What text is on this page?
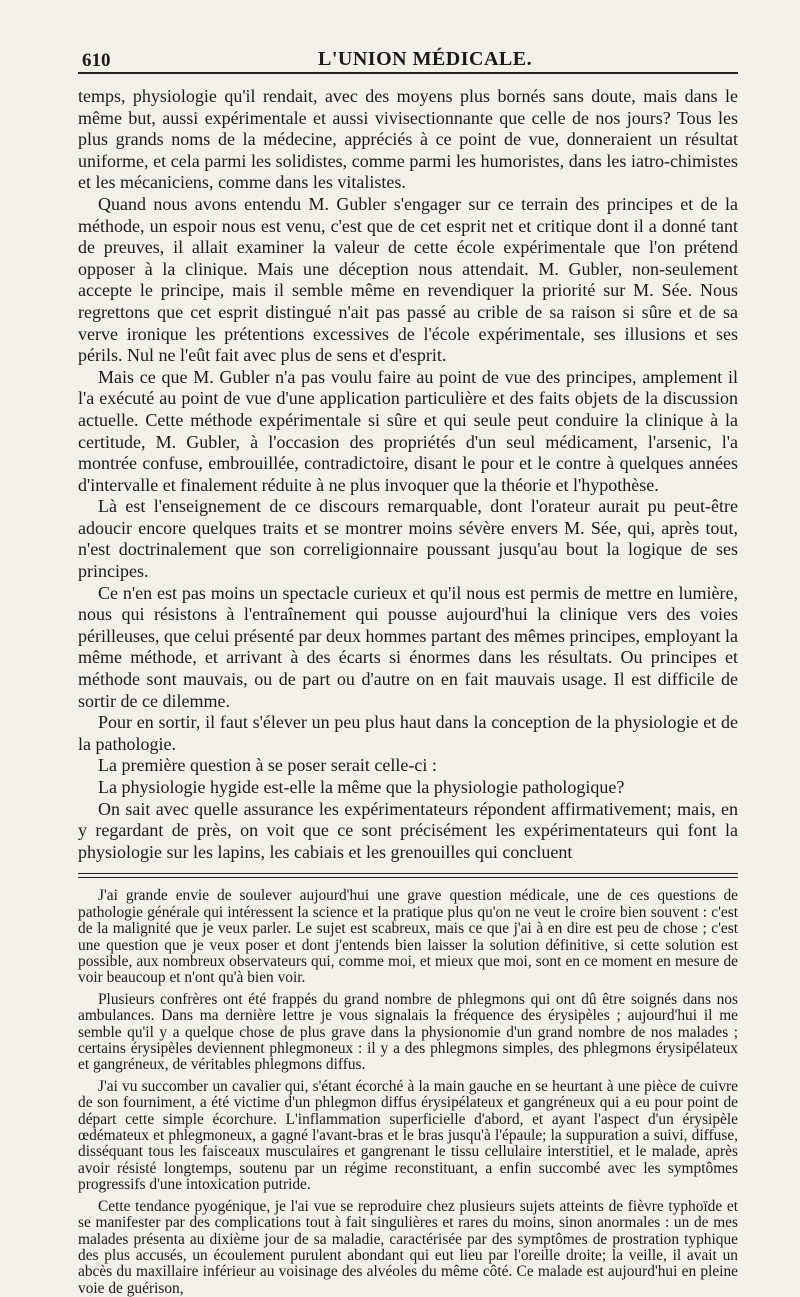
610	L'UNION MÉDICALE.

temps, physiologie qu'il rendait, avec des moyens plus bornés sans doute, mais dans le même but, aussi expérimentale et aussi vivisectionnante que celle de nos jours? Tous les plus grands noms de la médecine, appréciés à ce point de vue, donneraient un résultat uniforme, et cela parmi les solidistes, comme parmi les humoristes, dans les iatro-chimistes et les mécaniciens, comme dans les vitalistes.

Quand nous avons entendu M. Gubler s'engager sur ce terrain des principes et de la méthode, un espoir nous est venu, c'est que de cet esprit net et critique dont il a donné tant de preuves, il allait examiner la valeur de cette école expérimentale que l'on prétend opposer à la clinique. Mais une déception nous attendait. M. Gubler, non-seulement accepte le principe, mais il semble même en revendiquer la priorité sur M. Sée. Nous regrettons que cet esprit distingué n'ait pas passé au crible de sa raison si sûre et de sa verve ironique les prétentions excessives de l'école expérimentale, ses illusions et ses périls. Nul ne l'eût fait avec plus de sens et d'esprit.

Mais ce que M. Gubler n'a pas voulu faire au point de vue des principes, amplement il l'a exécuté au point de vue d'une application particulière et des faits objets de la discussion actuelle. Cette méthode expérimentale si sûre et qui seule peut conduire la clinique à la certitude, M. Gubler, à l'occasion des propriétés d'un seul médicament, l'arsenic, l'a montrée confuse, embrouillée, contradictoire, disant le pour et le contre à quelques années d'intervalle et finalement réduite à ne plus invoquer que la théorie et l'hypothèse.

Là est l'enseignement de ce discours remarquable, dont l'orateur aurait pu peut-être adoucir encore quelques traits et se montrer moins sévère envers M. Sée, qui, après tout, n'est doctrinalement que son correligionnaire poussant jusqu'au bout la logique de ses principes.

Ce n'en est pas moins un spectacle curieux et qu'il nous est permis de mettre en lumière, nous qui résistons à l'entraînement qui pousse aujourd'hui la clinique vers des voies périlleuses, que celui présenté par deux hommes partant des mêmes principes, employant la même méthode, et arrivant à des écarts si énormes dans les résultats. Ou principes et méthode sont mauvais, ou de part ou d'autre on en fait mauvais usage. Il est difficile de sortir de ce dilemme.

Pour en sortir, il faut s'élever un peu plus haut dans la conception de la physiologie et de la pathologie.

La première question à se poser serait celle-ci :

La physiologie hygide est-elle la même que la physiologie pathologique?

On sait avec quelle assurance les expérimentateurs répondent affirmativement; mais, en y regardant de près, on voit que ce sont précisément les expérimentateurs qui font la physiologie sur les lapins, les cabiais et les grenouilles qui concluent

J'ai grande envie de soulever aujourd'hui une grave question médicale, une de ces questions de pathologie générale qui intéressent la science et la pratique plus qu'on ne veut le croire bien souvent : c'est de la malignité que je veux parler. Le sujet est scabreux, mais ce que j'ai à en dire est peu de chose ; c'est une question que je veux poser et dont j'entends bien laisser la solution définitive, si cette solution est possible, aux nombreux observateurs qui, comme moi, et mieux que moi, sont en ce moment en mesure de voir beaucoup et n'ont qu'à bien voir.

Plusieurs confrères ont été frappés du grand nombre de phlegmons qui ont dû être soignés dans nos ambulances. Dans ma dernière lettre je vous signalais la fréquence des érysipèles ; aujourd'hui il me semble qu'il y a quelque chose de plus grave dans la physionomie d'un grand nombre de nos malades ; certains érysipèles deviennent phlegmoneux : il y a des phlegmons simples, des phlegmons érysipélateux et gangréneux, de véritables phlegmons diffus.

J'ai vu succomber un cavalier qui, s'étant écorché à la main gauche en se heurtant à une pièce de cuivre de son fourniment, a été victime d'un phlegmon diffus érysipélateux et gangréneux qui a eu pour point de départ cette simple écorchure. L'inflammation superficielle d'abord, et ayant l'aspect d'un érysipèle œdémateux et phlegmoneux, a gagné l'avant-bras et le bras jusqu'à l'épaule; la suppuration a suivi, diffuse, disséquant tous les faisceaux musculaires et gangrenant le tissu cellulaire interstitiel, et le malade, après avoir résisté longtemps, soutenu par un régime reconstituant, a enfin succombé avec les symptômes progressifs d'une intoxication putride.

Cette tendance pyogénique, je l'ai vue se reproduire chez plusieurs sujets atteints de fièvre typhoïde et se manifester par des complications tout à fait singulières et rares du moins, sinon anormales : un de mes malades présenta au dixième jour de sa maladie, caractérisée par des symptômes de prostration typhique des plus accusés, un écoulement purulent abondant qui eut lieu par l'oreille droite; la veille, il avait un abcès du maxillaire inférieur au voisinage des alvéoles du même côté. Ce malade est aujourd'hui en pleine voie de guérison,
